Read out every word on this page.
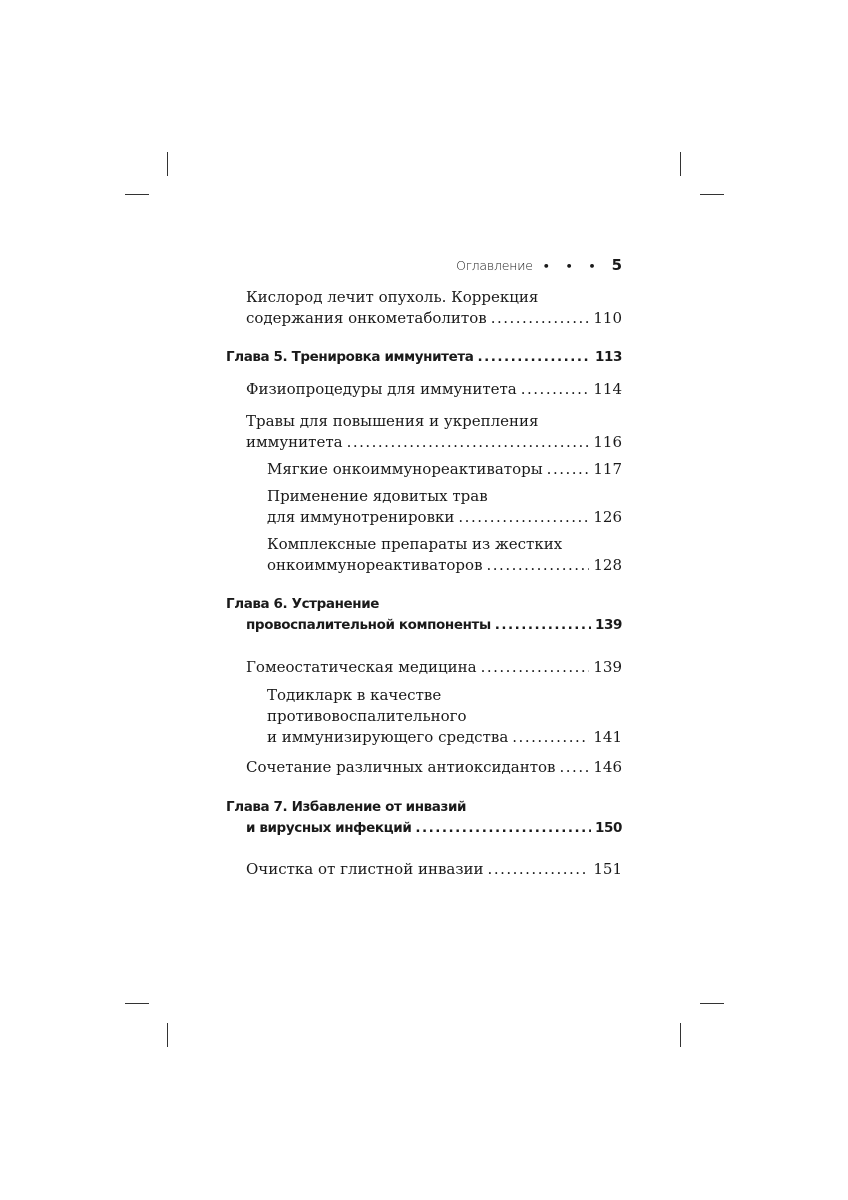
Оглавление • • • 5
Кислород лечит опухоль. Коррекция
содержания онкометаболитов .....	110
Глава 5. Тренировка иммунитета .....	113
Физиопроцедуры для иммунитета .....	114
Травы для повышения и укрепления
иммунитета .....	116
Мягкие онкоиммунореактиваторы .....	117
Применение ядовитых трав
для иммунотренировки .....	126
Комплексные препараты из жестких
онкоиммунореактиваторов .....	128
Глава 6. Устранение
провоспалительной компоненты .....	139
Гомеостатическая медицина .....	139
Тодикларк в качестве
противовоспалительного
и иммунизирующего средства .....	141
Сочетание различных антиоксидантов .....	146
Глава 7. Избавление от инвазий
и вирусных инфекций .....	150
Очистка от глистной инвазии .....	151
